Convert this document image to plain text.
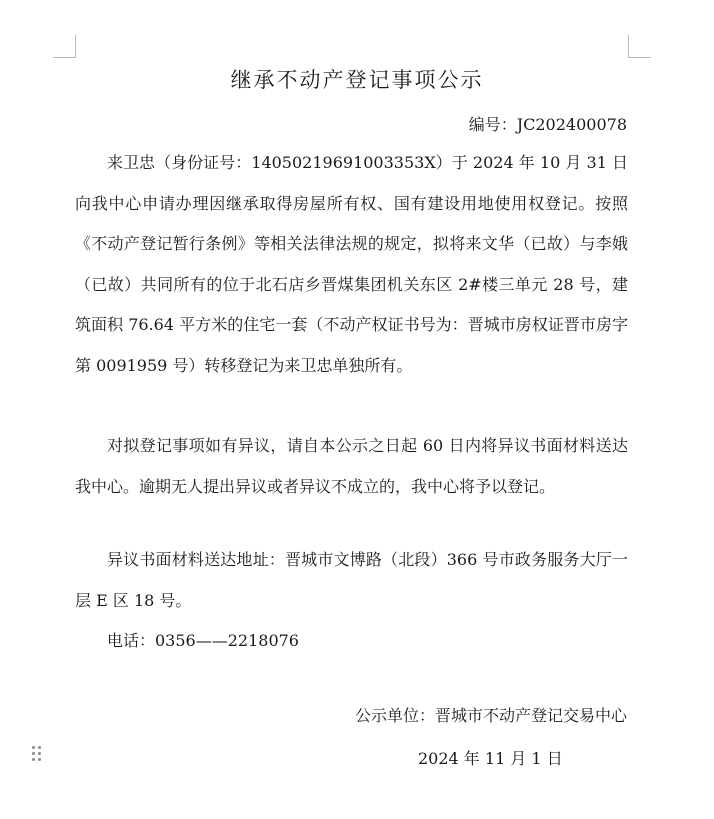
继承不动产登记事项公示
编号：JC202400078

来卫忠（身份证号：14050219691003353X）于 2024 年 10 月 31 日向我中心申请办理因继承取得房屋所有权、国有建设用地使用权登记。按照《不动产登记暂行条例》等相关法律法规的规定，拟将来文华（已故）与李娥（已故）共同所有的位于北石店乡晋煤集团机关东区 2#楼三单元 28 号，建筑面积 76.64 平方米的住宅一套（不动产权证书号为：晋城市房权证晋市房字第 0091959 号）转移登记为来卫忠单独所有。

对拟登记事项如有异议，请自本公示之日起 60 日内将异议书面材料送达我中心。逾期无人提出异议或者异议不成立的，我中心将予以登记。

异议书面材料送达地址：晋城市文博路（北段）366 号市政务服务大厅一层 E 区 18 号。

电话：0356——2218076

公示单位：晋城市不动产登记交易中心
2024 年 11 月 1 日
